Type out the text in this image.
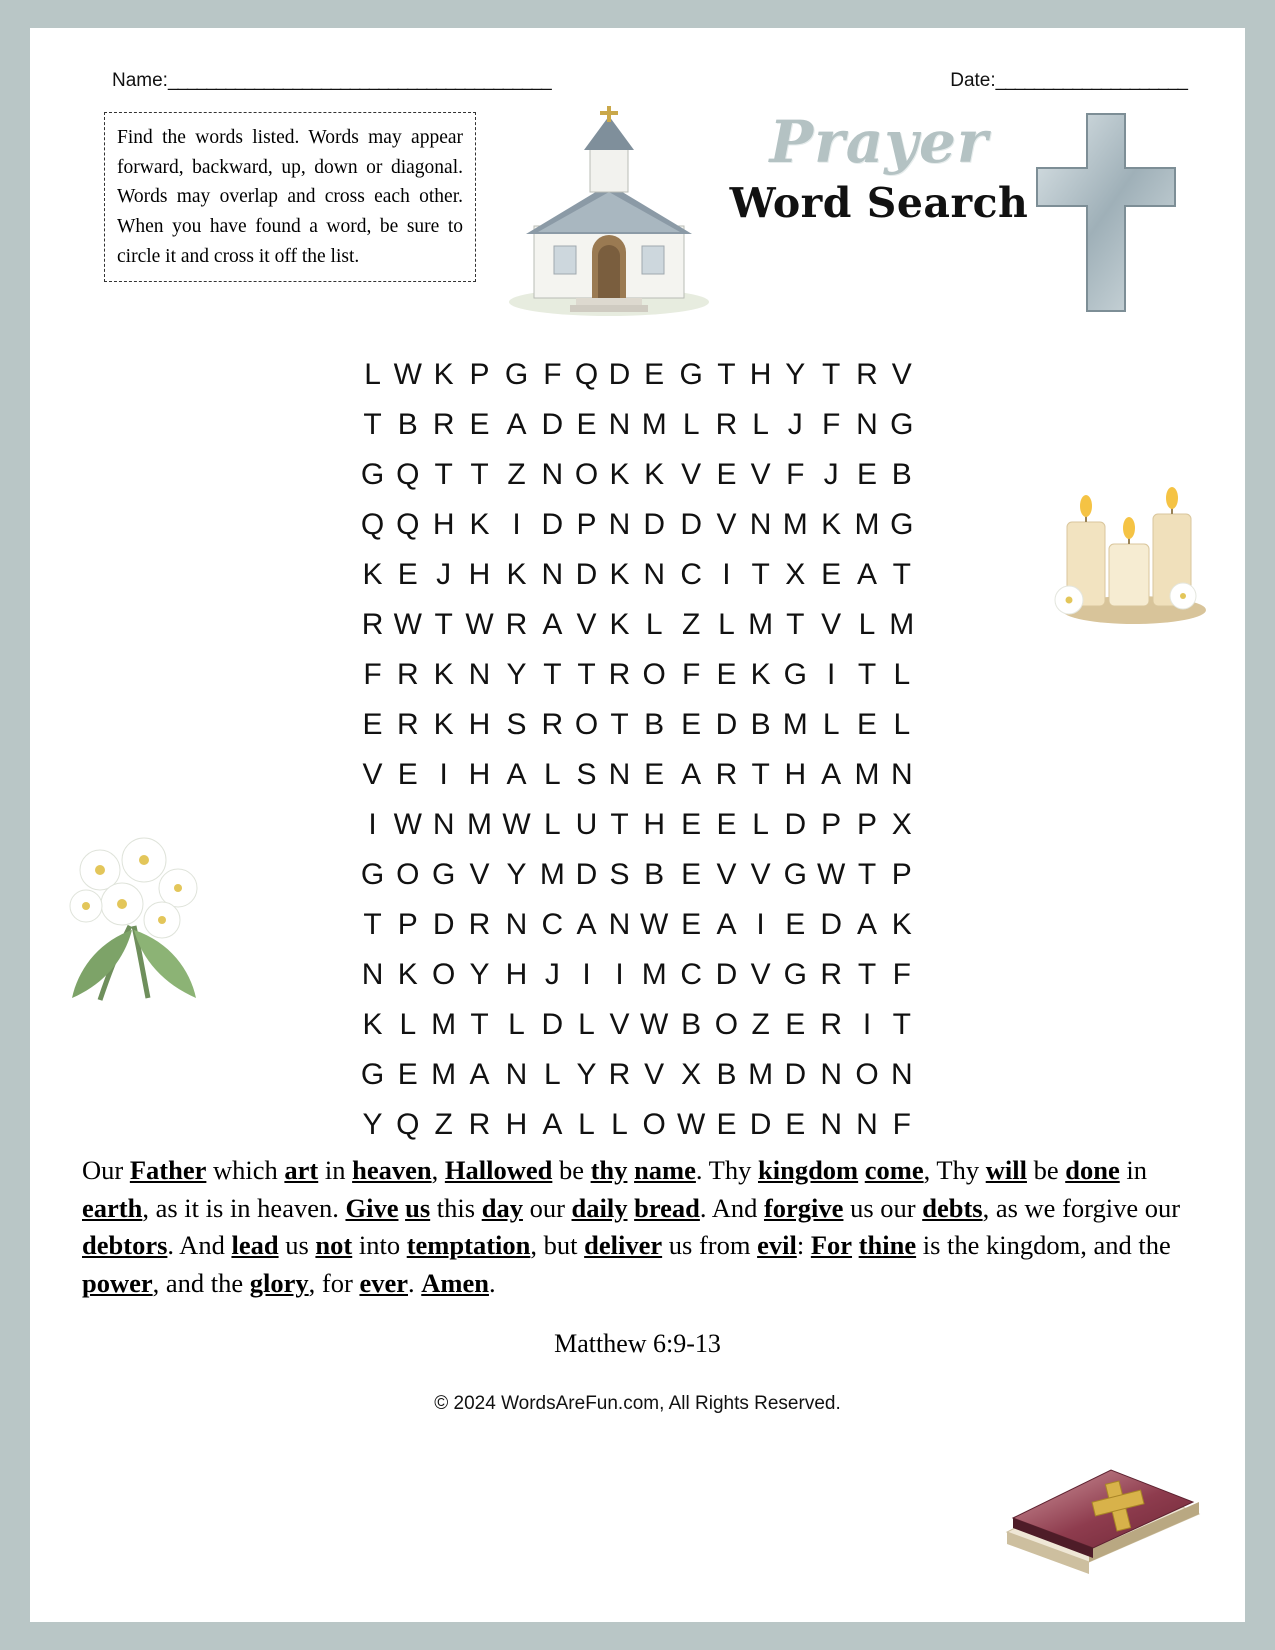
Name:________________________________________	Date:____________________
Find the words listed. Words may appear forward, backward, up, down or diagonal. Words may overlap and cross each other. When you have found a word, be sure to circle it and cross it off the list.
Prayer
Word Search
L	W	K	P	G	F	Q	D	E	G	T	H	Y	T	R	V
T	B	R	E	A	D	E	N	M	L	R	L	J	F	N	G
G	Q	T	T	Z	N	O	K	K	V	E	V	F	J	E	B
Q	Q	H	K	I	D	P	N	D	D	V	N	M	K	M	G
K	E	J	H	K	N	D	K	N	C	I	T	X	E	A	T
R	W	T	W	R	A	V	K	L	Z	L	M	T	V	L	M
F	R	K	N	Y	T	T	R	O	F	E	K	G	I	T	L
E	R	K	H	S	R	O	T	B	E	D	B	M	L	E	L
V	E	I	H	A	L	S	N	E	A	R	T	H	A	M	N
I	W	N	M	W	L	U	T	H	E	E	L	D	P	P	X
G	O	G	V	Y	M	D	S	B	E	V	V	G	W	T	P
T	P	D	R	N	C	A	N	W	E	A	I	E	D	A	K
N	K	O	Y	H	J	I	I	M	C	D	V	G	R	T	F
K	L	M	T	L	D	L	V	W	B	O	Z	E	R	I	T
G	E	M	A	N	L	Y	R	V	X	B	M	D	N	O	N
Y	Q	Z	R	H	A	L	L	O	W	E	D	E	N	N	F
Our Father which art in heaven, Hallowed be thy name. Thy kingdom come, Thy will be done in earth, as it is in heaven. Give us this day our daily bread. And forgive us our debts, as we forgive our debtors. And lead us not into temptation, but deliver us from evil: For thine is the kingdom, and the power, and the glory, for ever. Amen.
Matthew 6:9-13
© 2024 WordsAreFun.com, All Rights Reserved.
